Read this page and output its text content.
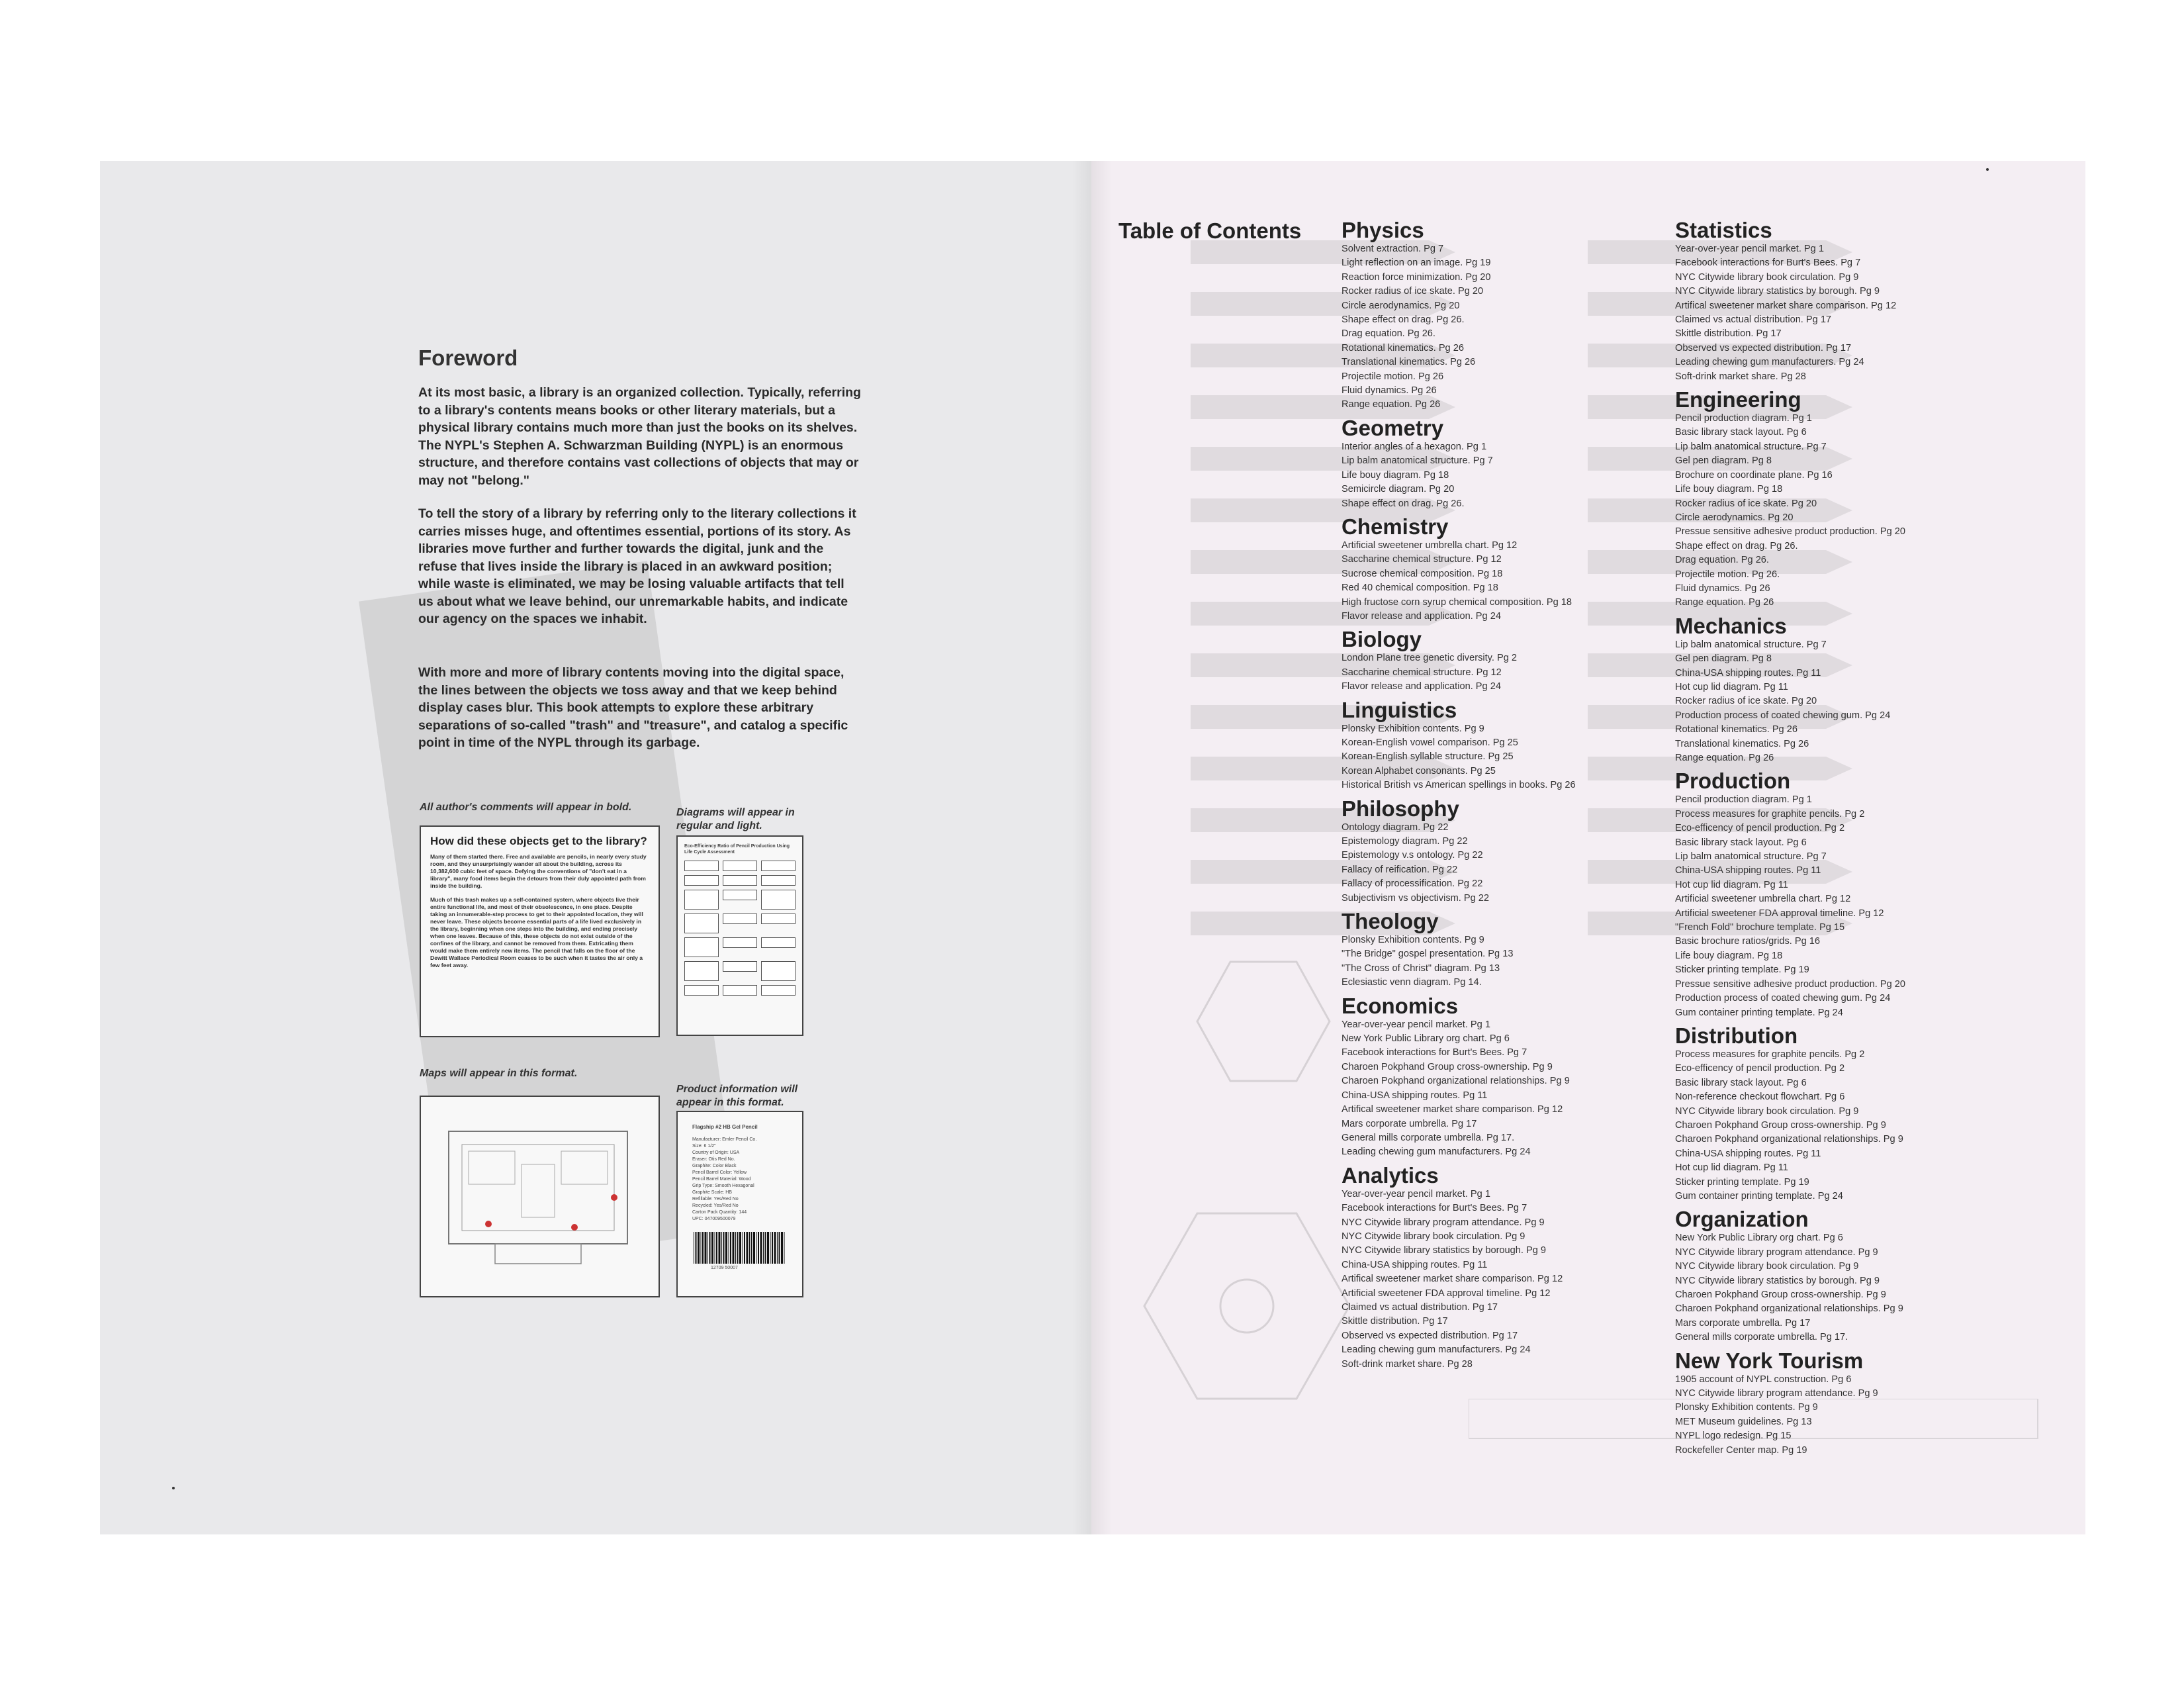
Foreword

At its most basic, a library is an organized collection. Typically, referring to a library's contents means books or other literary materials, but a physical library contains much more than just the books on its shelves. The NYPL's Stephen A. Schwarzman Building (NYPL) is an enormous structure, and therefore contains vast collections of objects that may or may not "belong."

To tell the story of a library by referring only to the literary collections it carries misses huge, and oftentimes essential, portions of its story. As libraries move further and further towards the digital, junk and the refuse that lives inside the library is placed in an awkward position; while waste is eliminated, we may be losing valuable artifacts that tell us about what we leave behind, our unremarkable habits, and indicate our agency on the spaces we inhabit.

With more and more of library contents moving into the digital space, the lines between the objects we toss away and that we keep behind display cases blur. This book attempts to explore these arbitrary separations of so-called "trash" and "treasure", and catalog a specific point in time of the NYPL through its garbage.

All author's comments will appear in bold.	Diagrams will appear in regular and light.
Maps will appear in this format.
Product information will appear in this format.
How did these objects get to the library?

Many of them started there. Free and available are pencils, in nearly every study room, and they unsurprisingly wander all about the building, across its 10,382,600 cubic feet of space. Defying the conventions of "don't eat in a library", many food items begin the detours from their duly appointed path from inside the building.

Much of this trash makes up a self-contained system, where objects live their entire functional life, and most of their obsolescence, in one place. Despite taking an innumerable-step process to get to their appointed location, they will never leave. These objects become essential parts of a life lived exclusively in the library, beginning when one steps into the building, and ending precisely when one leaves. Because of this, these objects do not exist outside of the confines of the library, and cannot be removed from them. Extricating them would make them entirely new items. The pencil that falls on the floor of the Dewitt Wallace Periodical Room ceases to be such when it tastes the air only a few feet away.

Eco-Efficiency Ratio of Pencil Production Using Life Cycle Assessment
Flagship #2 HB Gel Pencil
Manufacturer: Emler Pencil Co.
Size: 6 1/2"
Country of Origin: USA
Eraser: Otis Red No.
Graphite: Color Black
Pencil Barrel Color: Yellow
Pencil Barrel Material: Wood
Grip Type: Smooth Hexagonal
Graphite Scale: HB
Refillable: Yes/Red No
Recycled: Yes/Red No
Carton Pack Quantity: 144
UPC: 047009500079
12709 50007
Table of Contents Physics
Solvent extraction. Pg 7
Light reflection on an image. Pg 19
Reaction force minimization. Pg 20
Rocker radius of ice skate. Pg 20
Circle aerodynamics. Pg 20
Shape effect on drag. Pg 26.
Drag equation. Pg 26.
Rotational kinematics. Pg 26
Translational kinematics. Pg 26
Projectile motion. Pg 26
Fluid dynamics. Pg 26
Range equation. Pg 26
Geometry
Interior angles of a hexagon. Pg 1
Lip balm anatomical structure. Pg 7
Life bouy diagram. Pg 18
Semicircle diagram. Pg 20
Shape effect on drag. Pg 26.
Chemistry
Artificial sweetener umbrella chart. Pg 12
Saccharine chemical structure. Pg 12
Sucrose chemical composition. Pg 18
Red 40 chemical composition. Pg 18
High fructose corn syrup chemical composition. Pg 18
Flavor release and application. Pg 24
Biology
London Plane tree genetic diversity. Pg 2
Saccharine chemical structure. Pg 12
Flavor release and application. Pg 24
Linguistics
Plonsky Exhibition contents. Pg 9
Korean-English vowel comparison. Pg 25
Korean-English syllable structure. Pg 25
Korean Alphabet consonants. Pg 25
Historical British vs American spellings in books. Pg 26
Philosophy
Ontology diagram. Pg 22
Epistemology diagram. Pg 22
Epistemology v.s ontology. Pg 22
Fallacy of reification. Pg 22
Fallacy of processification. Pg 22
Subjectivism vs objectivism. Pg 22
Theology
Plonsky Exhibition contents. Pg 9
"The Bridge" gospel presentation. Pg 13
"The Cross of Christ" diagram. Pg 13
Eclesiastic venn diagram. Pg 14.
Economics
Year-over-year pencil market. Pg 1
New York Public Library org chart. Pg 6
Facebook interactions for Burt's Bees. Pg 7
Charoen Pokphand Group cross-ownership. Pg 9
Charoen Pokphand organizational relationships. Pg 9
China-USA shipping routes. Pg 11
Artifical sweetener market share comparison. Pg 12
Mars corporate umbrella. Pg 17
General mills corporate umbrella. Pg 17.
Leading chewing gum manufacturers. Pg 24
Analytics
Year-over-year pencil market. Pg 1
Facebook interactions for Burt's Bees. Pg 7
NYC Citywide library program attendance. Pg 9
NYC Citywide library book circulation. Pg 9
NYC Citywide library statistics by borough. Pg 9
China-USA shipping routes. Pg 11
Artifical sweetener market share comparison. Pg 12
Artificial sweetener FDA approval timeline. Pg 12
Claimed vs actual distribution. Pg 17
Skittle distribution. Pg 17
Observed vs expected distribution. Pg 17
Leading chewing gum manufacturers. Pg 24
Soft-drink market share. Pg 28
Statistics
Year-over-year pencil market. Pg 1
Facebook interactions for Burt's Bees. Pg 7
NYC Citywide library book circulation. Pg 9
NYC Citywide library statistics by borough. Pg 9
Artifical sweetener market share comparison. Pg 12
Claimed vs actual distribution. Pg 17
Skittle distribution. Pg 17
Observed vs expected distribution. Pg 17
Leading chewing gum manufacturers. Pg 24
Soft-drink market share. Pg 28
Engineering
Pencil production diagram. Pg 1
Basic library stack layout. Pg 6
Lip balm anatomical structure. Pg 7
Gel pen diagram. Pg 8
Brochure on coordinate plane. Pg 16
Life bouy diagram. Pg 18
Rocker radius of ice skate. Pg 20
Circle aerodynamics. Pg 20
Pressue sensitive adhesive product production. Pg 20
Shape effect on drag. Pg 26.
Drag equation. Pg 26.
Projectile motion. Pg 26.
Fluid dynamics. Pg 26
Range equation. Pg 26
Mechanics
Lip balm anatomical structure. Pg 7
Gel pen diagram. Pg 8
China-USA shipping routes. Pg 11
Hot cup lid diagram. Pg 11
Rocker radius of ice skate. Pg 20
Production process of coated chewing gum. Pg 24
Rotational kinematics. Pg 26
Translational kinematics. Pg 26
Range equation. Pg 26
Production
Pencil production diagram. Pg 1
Process measures for graphite pencils. Pg 2
Eco-efficency of pencil production. Pg 2
Basic library stack layout. Pg 6
Lip balm anatomical structure. Pg 7
China-USA shipping routes. Pg 11
Hot cup lid diagram. Pg 11
Artificial sweetener umbrella chart. Pg 12
Artificial sweetener FDA approval timeline. Pg 12
"French Fold" brochure template. Pg 15
Basic brochure ratios/grids. Pg 16
Life bouy diagram. Pg 18
Sticker printing template. Pg 19
Pressue sensitive adhesive product production. Pg 20
Production process of coated chewing gum. Pg 24
Gum container printing template. Pg 24
Distribution
Process measures for graphite pencils. Pg 2
Eco-efficency of pencil production. Pg 2
Basic library stack layout. Pg 6
Non-reference checkout flowchart. Pg 6
NYC Citywide library book circulation. Pg 9
Charoen Pokphand Group cross-ownership. Pg 9
Charoen Pokphand organizational relationships. Pg 9
China-USA shipping routes. Pg 11
Hot cup lid diagram. Pg 11
Sticker printing template. Pg 19
Gum container printing template. Pg 24
Organization
New York Public Library org chart. Pg 6
NYC Citywide library program attendance. Pg 9
NYC Citywide library book circulation. Pg 9
NYC Citywide library statistics by borough. Pg 9
Charoen Pokphand Group cross-ownership. Pg 9
Charoen Pokphand organizational relationships. Pg 9
Mars corporate umbrella. Pg 17
General mills corporate umbrella. Pg 17.
New York Tourism
1905 account of NYPL construction. Pg 6
NYC Citywide library program attendance. Pg 9
Plonsky Exhibition contents. Pg 9
MET Museum guidelines. Pg 13
NYPL logo redesign. Pg 15
Rockefeller Center map. Pg 19
